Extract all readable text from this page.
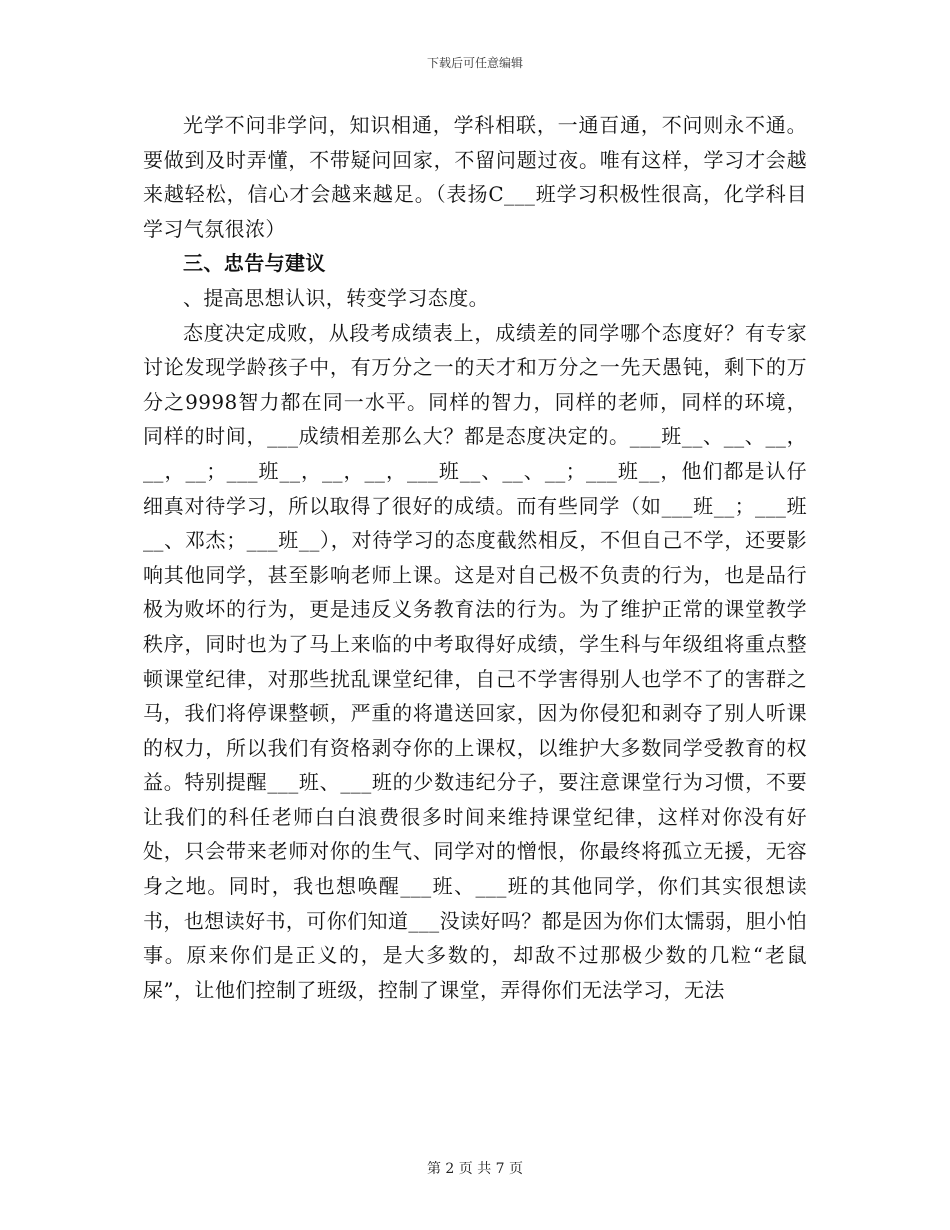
下载后可任意编辑

光学不问非学问，知识相通，学科相联，一通百通，不问则永不通。要做到及时弄懂，不带疑问回家，不留问题过夜。唯有这样，学习才会越来越轻松，信心才会越来越足。（表扬C___班学习积极性很高，化学科目学习气氛很浓）

三、忠告与建议

、提高思想认识，转变学习态度。

态度决定成败，从段考成绩表上，成绩差的同学哪个态度好？有专家讨论发现学龄孩子中，有万分之一的天才和万分之一先天愚钝，剩下的万分之9998智力都在同一水平。同样的智力，同样的老师，同样的环境，同样的时间，___成绩相差那么大？都是态度决定的。___班__、__、__，__，__；___班__，__，__，___班__、__、__；___班__，他们都是认仔细真对待学习，所以取得了很好的成绩。而有些同学（如___班__；___班__、邓杰；___班__），对待学习的态度截然相反，不但自己不学，还要影响其他同学，甚至影响老师上课。这是对自己极不负责的行为，也是品行极为败坏的行为，更是违反义务教育法的行为。为了维护正常的课堂教学秩序，同时也为了马上来临的中考取得好成绩，学生科与年级组将重点整顿课堂纪律，对那些扰乱课堂纪律，自己不学害得别人也学不了的害群之马，我们将停课整顿，严重的将遣送回家，因为你侵犯和剥夺了别人听课的权力，所以我们有资格剥夺你的上课权，以维护大多数同学受教育的权益。特别提醒___班、___班的少数违纪分子，要注意课堂行为习惯，不要让我们的科任老师白白浪费很多时间来维持课堂纪律，这样对你没有好处，只会带来老师对你的生气、同学对的憎恨，你最终将孤立无援，无容身之地。同时，我也想唤醒___班、___班的其他同学，你们其实很想读书，也想读好书，可你们知道___没读好吗？都是因为你们太懦弱，胆小怕事。原来你们是正义的，是大多数的，却敌不过那极少数的几粒“老鼠屎”，让他们控制了班级，控制了课堂，弄得你们无法学习，无法

第 2 页 共 7 页
